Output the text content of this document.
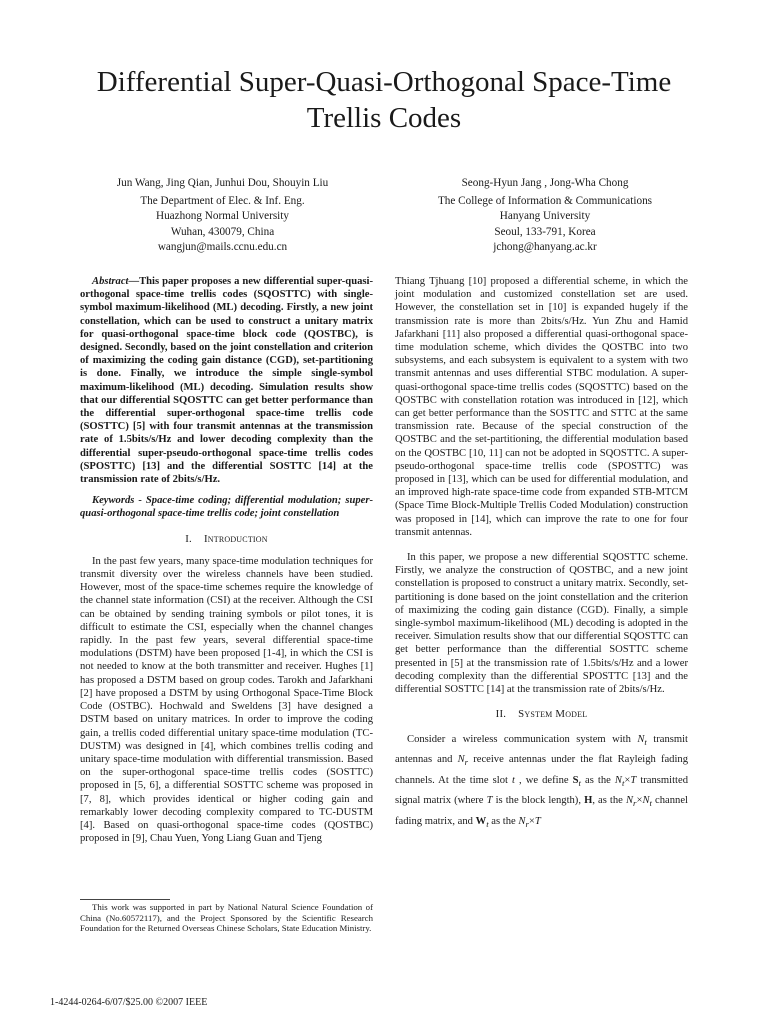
Differential Super-Quasi-Orthogonal Space-Time Trellis Codes
Jun Wang, Jing Qian, Junhui Dou, Shouyin Liu
The Department of Elec. & Inf. Eng.
Huazhong Normal University
Wuhan, 430079, China
wangjun@mails.ccnu.edu.cn
Seong-Hyun Jang , Jong-Wha Chong
The College of Information & Communications
Hanyang University
Seoul, 133-791, Korea
jchong@hanyang.ac.kr

Abstract—This paper proposes a new differential super-quasi-orthogonal space-time trellis codes (SQOSTTC) with single-symbol maximum-likelihood (ML) decoding. Firstly, a new joint constellation, which can be used to construct a unitary matrix for quasi-orthogonal space-time block code (QOSTBC), is designed. Secondly, based on the joint constellation and criterion of maximizing the coding gain distance (CGD), set-partitioning is done. Finally, we introduce the simple single-symbol maximum-likelihood (ML) decoding. Simulation results show that our differential SQOSTTC can get better performance than the differential super-orthogonal space-time trellis code (SOSTTC) [5] with four transmit antennas at the transmission rate of 1.5bits/s/Hz and lower decoding complexity than the differential super-pseudo-orthogonal space-time trellis codes (SPOSTTC) [13] and the differential SOSTTC [14] at the transmission rate of 2bits/s/Hz.

Keywords - Space-time coding; differential modulation; super-quasi-orthogonal space-time trellis code; joint constellation

I. Introduction

In the past few years, many space-time modulation techniques for transmit diversity over the wireless channels have been studied. However, most of the space-time schemes require the knowledge of the channel state information (CSI) at the receiver. Although the CSI can be obtained by sending training symbols or pilot tones, it is difficult to estimate the CSI, especially when the channel changes rapidly. In the past few years, several differential space-time modulations (DSTM) have been proposed [1-4], in which the CSI is not needed to know at the both transmitter and receiver. Hughes [1] has proposed a DSTM based on group codes. Tarokh and Jafarkhani [2] have proposed a DSTM by using Orthogonal Space-Time Block Code (OSTBC). Hochwald and Sweldens [3] have designed a DSTM based on unitary matrices. In order to improve the coding gain, a trellis coded differential unitary space-time modulation (TC-DUSTM) was designed in [4], which combines trellis coding and unitary space-time modulation with differential transmission. Based on the super-orthogonal space-time trellis codes (SOSTTC) proposed in [5, 6], a differential SOSTTC scheme was proposed in [7, 8], which provides identical or higher coding gain and remarkably lower decoding complexity compared to TC-DUSTM [4]. Based on quasi-orthogonal space-time codes (QOSTBC) proposed in [9], Chau Yuen, Yong Liang Guan and Tjeng

Thiang Tjhuang [10] proposed a differential scheme, in which the joint modulation and customized constellation set are used. However, the constellation set in [10] is expanded hugely if the transmission rate is more than 2bits/s/Hz. Yun Zhu and Hamid Jafarkhani [11] also proposed a differential quasi-orthogonal space-time modulation scheme, which divides the QOSTBC into two subsystems, and each subsystem is equivalent to a system with two transmit antennas and uses differential STBC modulation. A super-quasi-orthogonal space-time trellis codes (SQOSTTC) based on the QOSTBC with constellation rotation was introduced in [12], which can get better performance than the SOSTTC and STTC at the same transmission rate. Because of the special construction of the QOSTBC and the set-partitioning, the differential modulation based on the QOSTBC [10, 11] can not be adopted in SQOSTTC. A super-pseudo-orthogonal space-time trellis code (SPOSTTC) was proposed in [13], which can be used for differential modulation, and an improved high-rate space-time code from expanded STB-MTCM (Space Time Block-Multiple Trellis Coded Modulation) construction was proposed in [14], which can improve the rate to one for four transmit antennas.

In this paper, we propose a new differential SQOSTTC scheme. Firstly, we analyze the construction of QOSTBC, and a new joint constellation is proposed to construct a unitary matrix. Secondly, set-partitioning is done based on the joint constellation and the criterion of maximizing the coding gain distance (CGD). Finally, a simple single-symbol maximum-likelihood (ML) decoding is adopted in the receiver. Simulation results show that our differential SQOSTTC can get better performance than the differential SOSTTC scheme presented in [5] at the transmission rate of 1.5bits/s/Hz and a lower decoding complexity than the differential SPOSTTC [13] and the differential SOSTTC [14] at the transmission rate of 2bits/s/Hz.

II. System Model

Consider a wireless communication system with $N_t$ transmit antennas and $N_r$ receive antennas under the flat Rayleigh fading channels. At the time slot t , we define $S_t$ as the $N_t\times T$ transmitted signal matrix (where T is the block length), H, as the $N_r\times N_t$ channel fading matrix, and $W_t$ as the $N_r\times T$

This work was supported in part by National Natural Science Foundation of China (No.60572117), and the Project Sponsored by the Scientific Research Foundation for the Returned Overseas Chinese Scholars, State Education Ministry.

1-4244-0264-6/07/$25.00 ©2007 IEEE
